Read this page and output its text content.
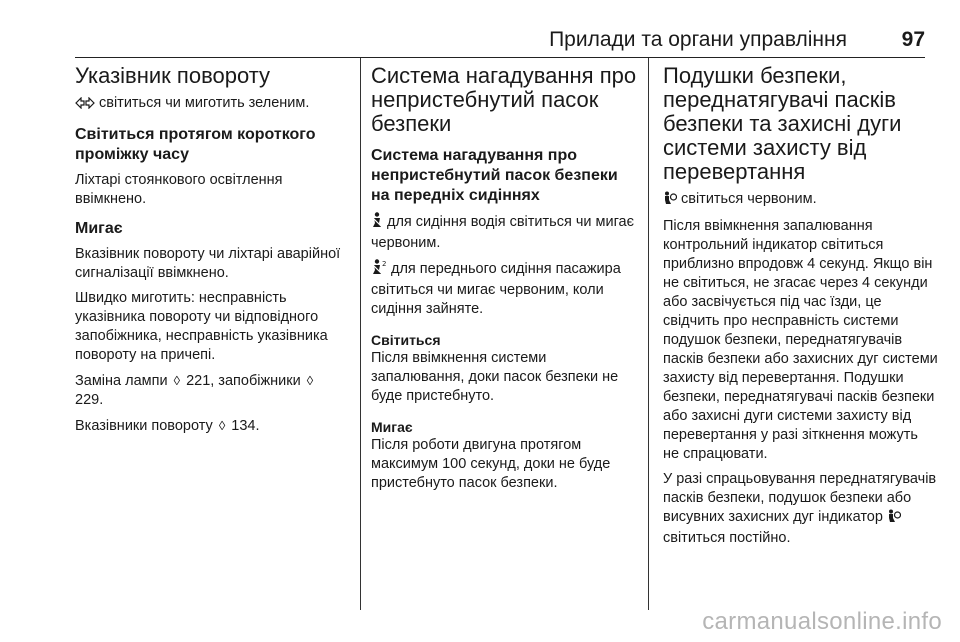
Прилади та органи управління	97
Указівник повороту
світиться чи миготить зеленим.
Світиться протягом короткого проміжку часу
Ліхтарі стоянкового освітлення ввімкнено.
Мигає
Вказівник повороту чи ліхтарі аварійної сигналізації ввімкнено.
Швидко миготить: несправність указівника повороту чи відповідного запобіжника, несправність указівника повороту на причепі.
Заміна лампи ◊ 221, запобіжники ◊ 229.
Вказівники повороту ◊ 134.
Система нагадування про непристебнутий пасок безпеки
Система нагадування про непристебнутий пасок безпеки на передніх сидіннях
для сидіння водія світиться чи мигає червоним.
2 для переднього сидіння пасажира світиться чи мигає червоним, коли сидіння зайняте.
Світиться
Після ввімкнення системи запалювання, доки пасок безпеки не буде пристебнуто.
Мигає
Після роботи двигуна протягом максимум 100 секунд, доки не буде пристебнуто пасок безпеки.
Подушки безпеки, переднатягувачі пасків безпеки та захисні дуги системи захисту від перевертання
світиться червоним.
Після ввімкнення запалювання контрольний індикатор світиться приблизно впродовж 4 секунд. Якщо він не світиться, не згасає через 4 секунди або засвічується під час їзди, це свідчить про несправність системи подушок безпеки, переднатягувачів пасків безпеки або захисних дуг системи захисту від перевертання. Подушки безпеки, переднатягувачі пасків безпеки або захисні дуги системи захисту від перевертання у разі зіткнення можуть не спрацювати.
У разі спрацьовування переднатягувачів пасків безпеки, подушок безпеки або висувних захисних дуг індикатор світиться постійно.
carmanualsonline.info
